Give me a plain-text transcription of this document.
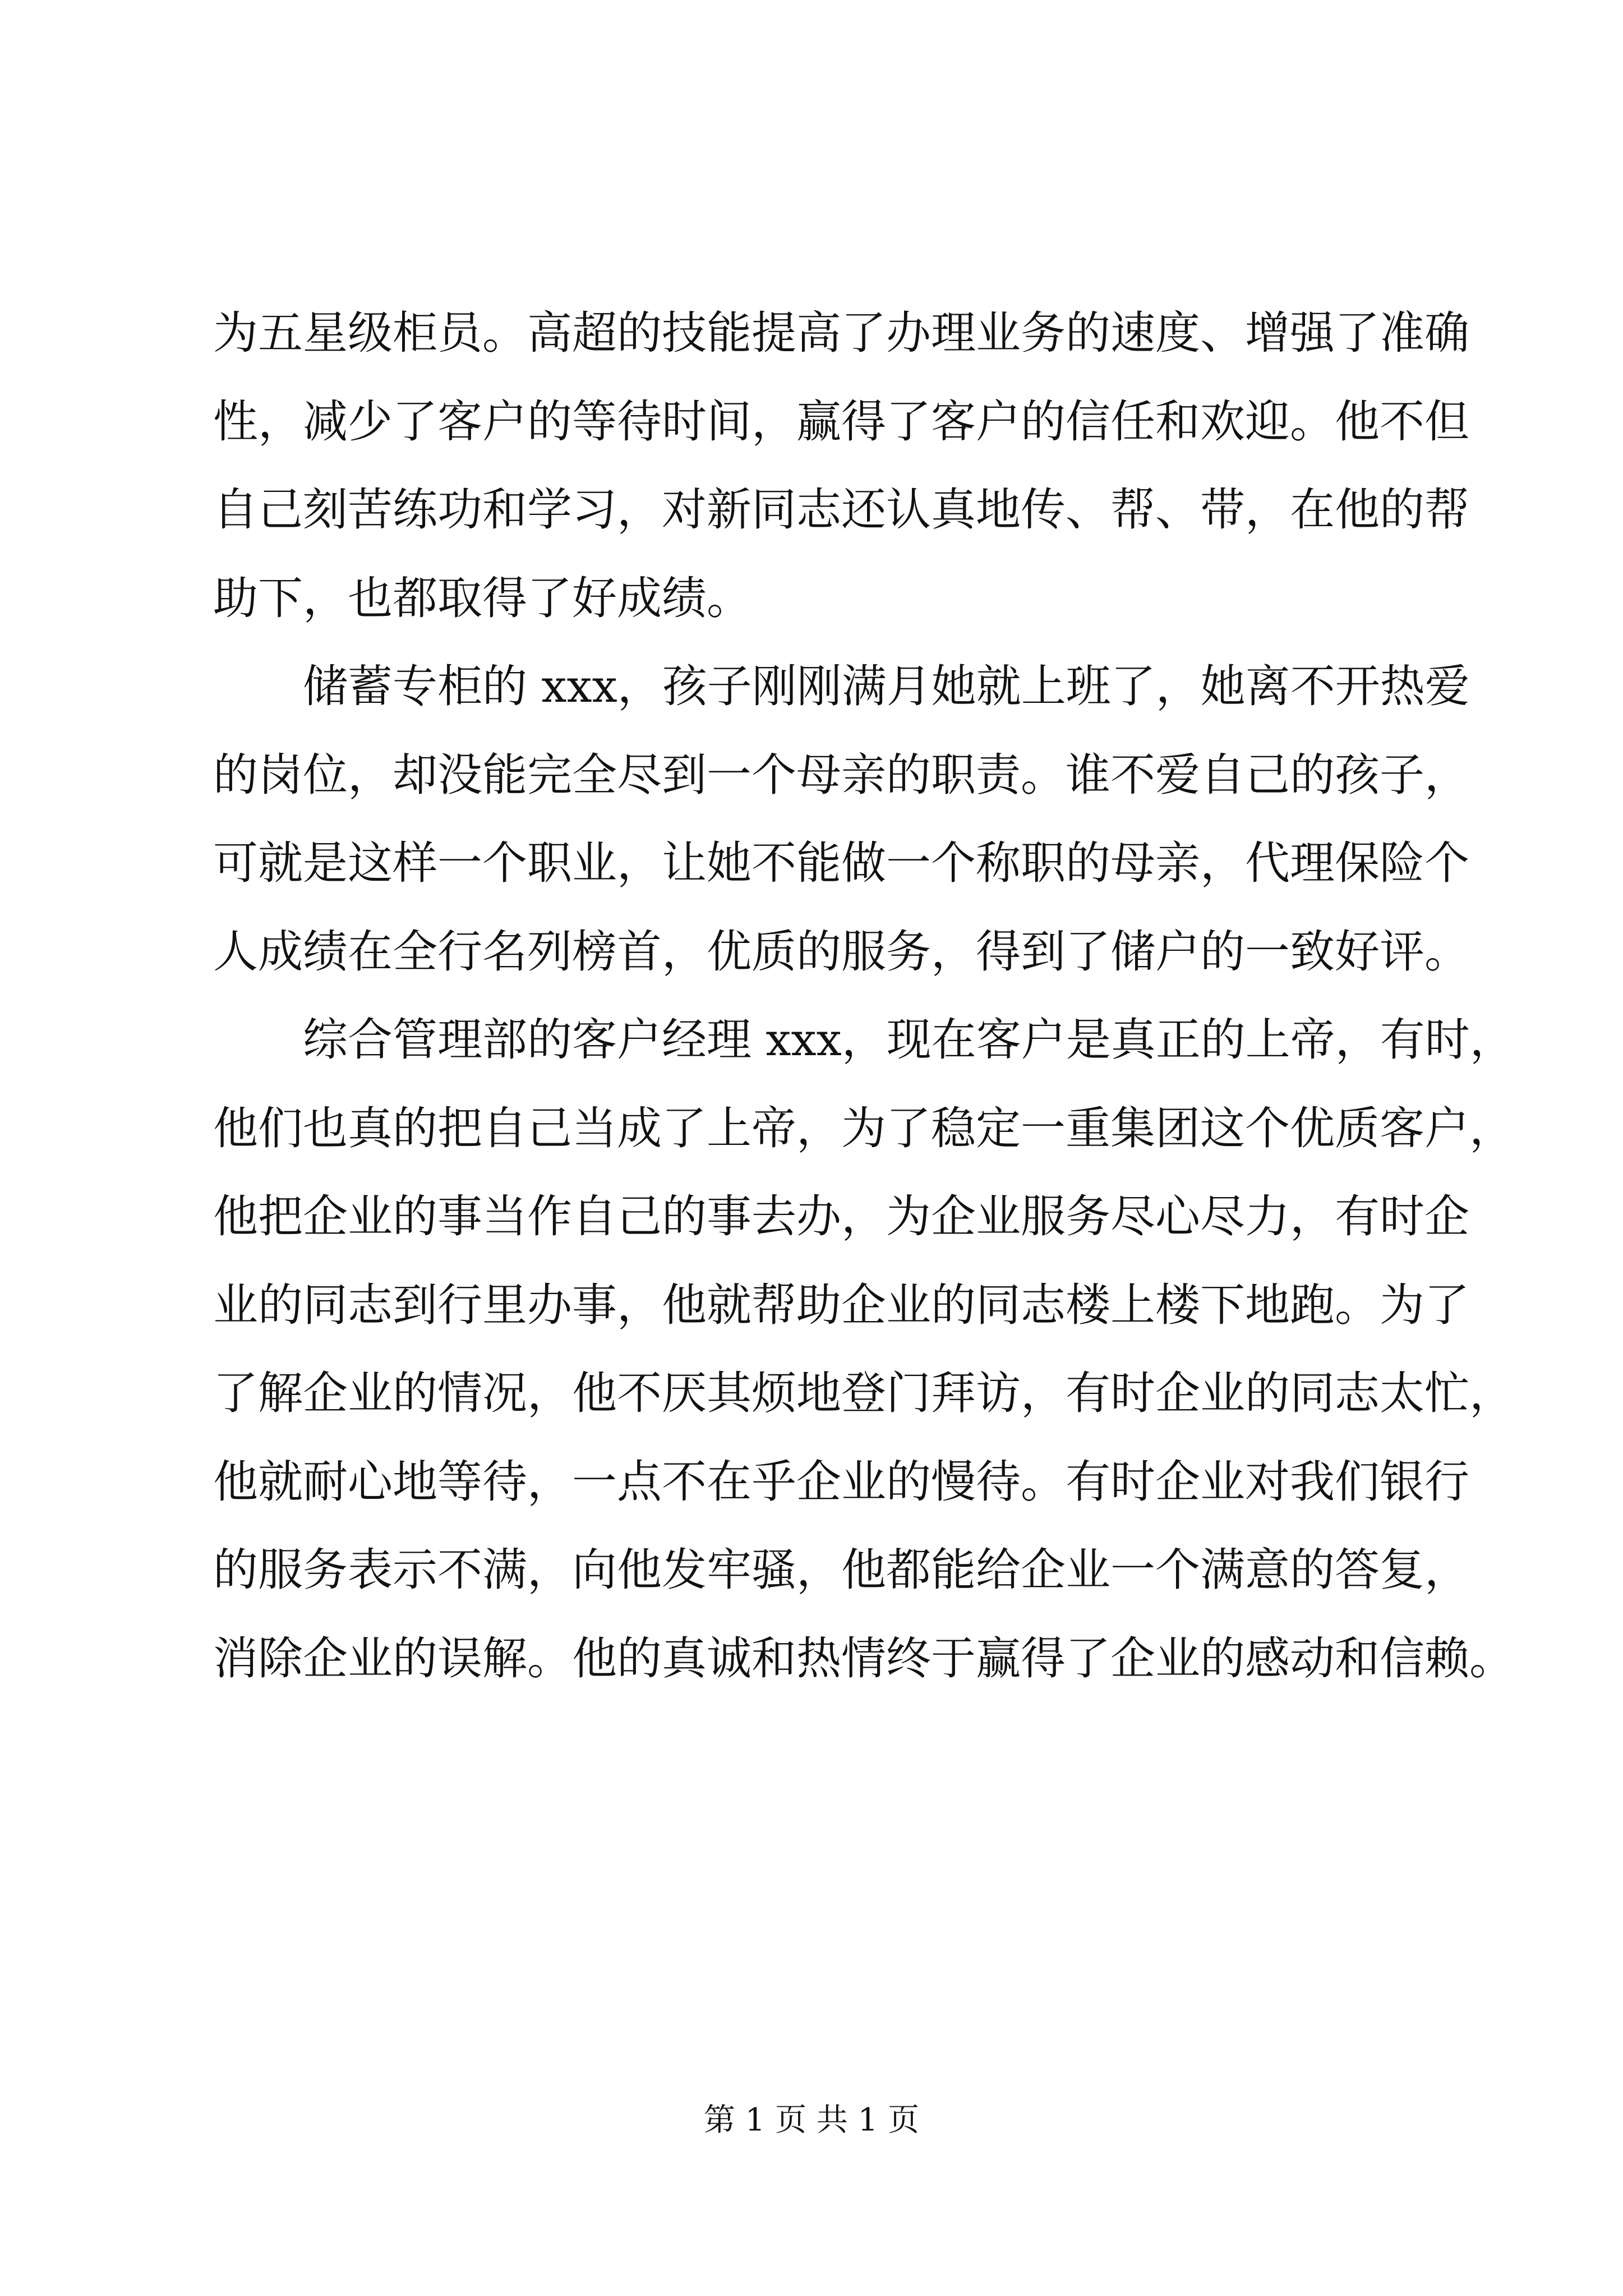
为五星级柜员。高超的技能提高了办理业务的速度、增强了准确
性，减少了客户的等待时间，赢得了客户的信任和欢迎。他不但
自己刻苦练功和学习，对新同志还认真地传、帮、带，在他的帮
助下，也都取得了好成绩。
储蓄专柜的 xxx，孩子刚刚满月她就上班了，她离不开热爱
的岗位，却没能完全尽到一个母亲的职责。谁不爱自己的孩子，
可就是这样一个职业，让她不能做一个称职的母亲，代理保险个
人成绩在全行名列榜首，优质的服务，得到了储户的一致好评。
综合管理部的客户经理 xxx，现在客户是真正的上帝，有时，
他们也真的把自己当成了上帝，为了稳定一重集团这个优质客户，
他把企业的事当作自己的事去办，为企业服务尽心尽力，有时企
业的同志到行里办事，他就帮助企业的同志楼上楼下地跑。为了
了解企业的情况，他不厌其烦地登门拜访，有时企业的同志太忙，
他就耐心地等待，一点不在乎企业的慢待。有时企业对我们银行
的服务表示不满，向他发牢骚，他都能给企业一个满意的答复，
消除企业的误解。他的真诚和热情终于赢得了企业的感动和信赖。
第 1 页 共 1 页
